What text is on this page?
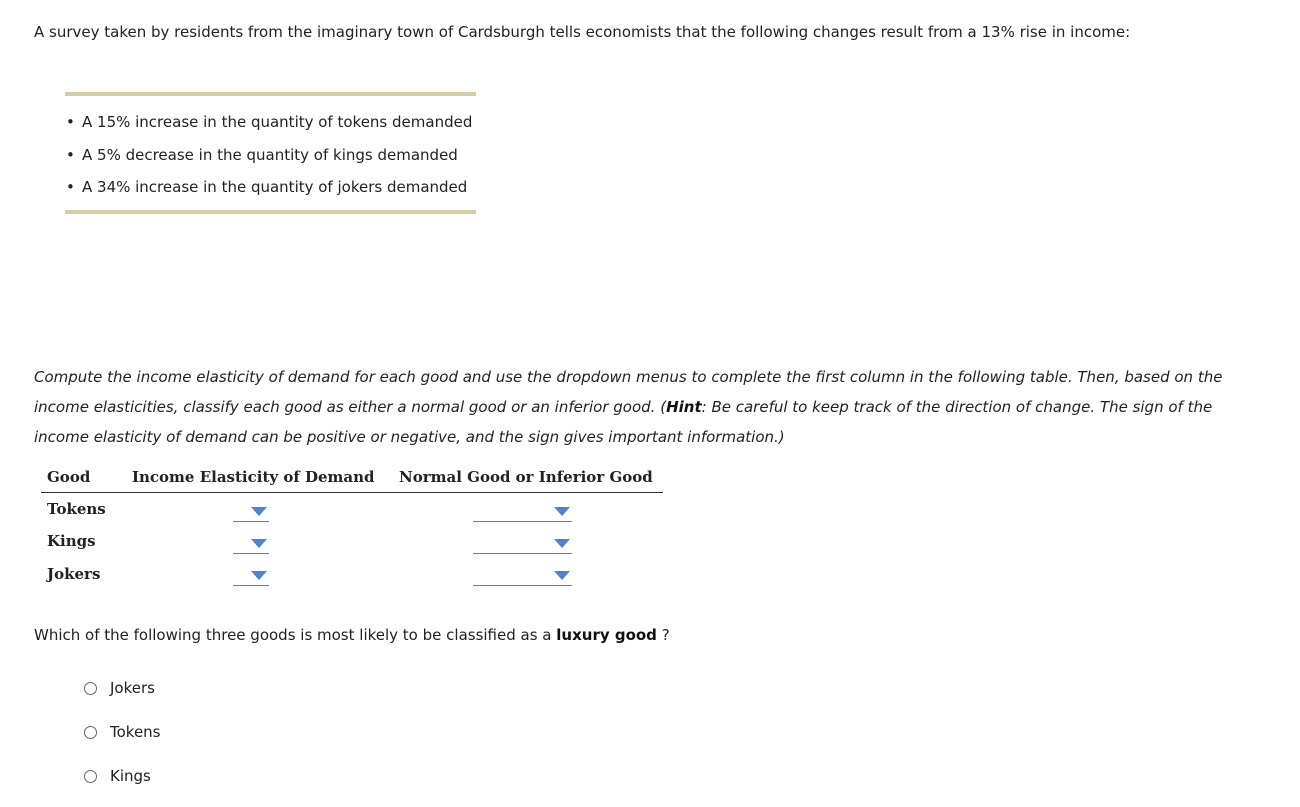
A survey taken by residents from the imaginary town of Cardsburgh tells economists that the following changes result from a 13% rise in income:
• A 15% increase in the quantity of tokens demanded
• A 5% decrease in the quantity of kings demanded
• A 34% increase in the quantity of jokers demanded
Compute the income elasticity of demand for each good and use the dropdown menus to complete the first column in the following table. Then, based on the income elasticities, classify each good as either a normal good or an inferior good. (Hint: Be careful to keep track of the direction of change. The sign of the income elasticity of demand can be positive or negative, and the sign gives important information.)
Good	Income Elasticity of Demand Normal Good or Inferior Good
Tokens
Kings
Jokers
Which of the following three goods is most likely to be classified as a luxury good ?
Jokers
Tokens
Kings
